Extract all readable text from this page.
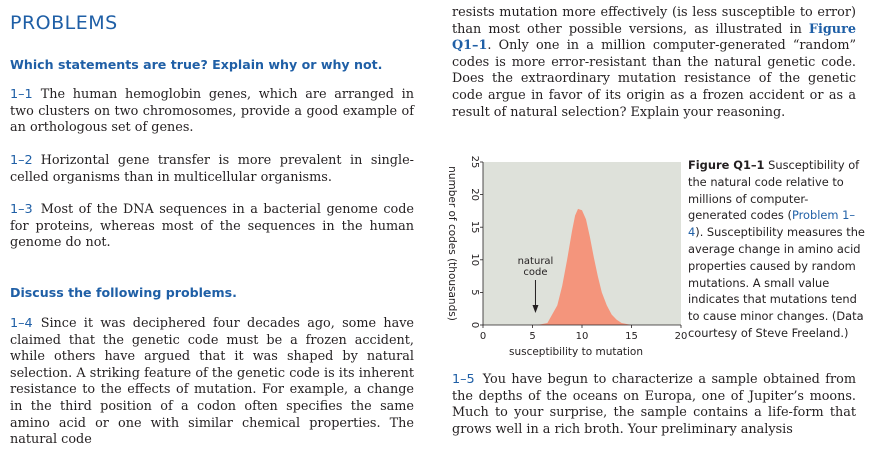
PROBLEMS
Which statements are true? Explain why or why not.
1–1 The human hemoglobin genes, which are arranged in two clusters on two chromosomes, provide a good example of an orthologous set of genes.
1–2 Horizontal gene transfer is more prevalent in single-celled organisms than in multicellular organisms.
1–3 Most of the DNA sequences in a bacterial genome code for proteins, whereas most of the sequences in the human genome do not.
Discuss the following problems.
1–4 Since it was deciphered four decades ago, some have claimed that the genetic code must be a frozen accident, while others have argued that it was shaped by natural selection. A striking feature of the genetic code is its inherent resistance to the effects of mutation. For example, a change in the third position of a codon often specifies the same amino acid or one with similar chemical properties. The natural code
resists mutation more effectively (is less susceptible to error) than most other possible versions, as illustrated in Figure Q1–1. Only one in a million computer-generated “random” codes is more error-resistant than the natural genetic code. Does the extraordinary mutation resistance of the genetic code argue in favor of its origin as a frozen accident or as a result of natural selection? Explain your reasoning.
0	5	10	15	20
0
5
10
15
20
25
susceptibility to mutation
number of codes (thousands)	natural
code
Figure Q1–1 Susceptibility of the natural code relative to millions of computer-generated codes (Problem 1–4). Susceptibility measures the average change in amino acid properties caused by random mutations. A small value indicates that mutations tend to cause minor changes. (Data courtesy of Steve Freeland.)
1–5 You have begun to characterize a sample obtained from the depths of the oceans on Europa, one of Jupiter’s moons. Much to your surprise, the sample contains a life-form that grows well in a rich broth. Your preliminary analysis
